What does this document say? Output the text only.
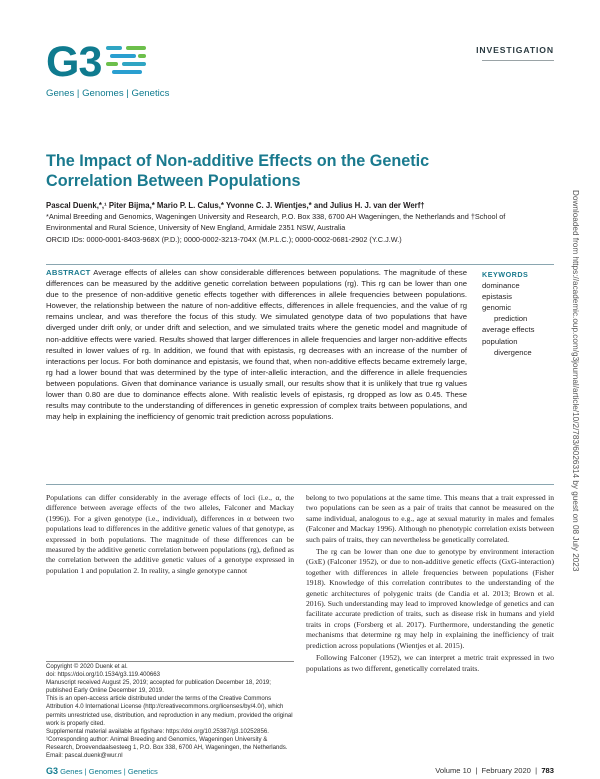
G3
Genes | Genomes | Genetics
INVESTIGATION
The Impact of Non-additive Effects on the Genetic Correlation Between Populations
Pascal Duenk,*,¹ Piter Bijma,* Mario P. L. Calus,* Yvonne C. J. Wientjes,* and Julius H. J. van der Werf†
*Animal Breeding and Genomics, Wageningen University and Research, P.O. Box 338, 6700 AH Wageningen, the Netherlands and †School of Environmental and Rural Science, University of New England, Armidale 2351 NSW, Australia
ORCID IDs: 0000-0001-8403-968X (P.D.); 0000-0002-3213-704X (M.P.L.C.); 0000-0002-0681-2902 (Y.C.J.W.)
ABSTRACT Average effects of alleles can show considerable differences between populations. The magnitude of these differences can be measured by the additive genetic correlation between populations (rg). This rg can be lower than one due to the presence of non-additive genetic effects together with differences in allele frequencies between populations. However, the relationship between the nature of non-additive effects, differences in allele frequencies, and the value of rg remains unclear, and was therefore the focus of this study. We simulated genotype data of two populations that have diverged under drift only, or under drift and selection, and we simulated traits where the genetic model and magnitude of non-additive effects were varied. Results showed that larger differences in allele frequencies and larger non-additive effects resulted in lower values of rg. In addition, we found that with epistasis, rg decreases with an increase of the number of interactions per locus. For both dominance and epistasis, we found that, when non-additive effects became extremely large, rg had a lower bound that was determined by the type of inter-allelic interaction, and the difference in allele frequencies between populations. Given that dominance variance is usually small, our results show that it is unlikely that true rg values lower than 0.80 are due to dominance effects alone. With realistic levels of epistasis, rg dropped as low as 0.45. These results may contribute to the understanding of differences in genetic expression of complex traits between populations, and may help in explaining the inefficiency of genomic trait prediction across populations.
KEYWORDS
dominance
epistasis
genomic
prediction
average effects
population
divergence

Populations can differ considerably in the average effects of loci (i.e., α, the difference between average effects of the two alleles, Falconer and Mackay (1996)). For a given genotype (i.e., individual), differences in α between two populations lead to differences in the additive genetic values of that genotype, as expressed in both populations. The magnitude of these differences can be measured by the additive genetic correlation between populations (rg), defined as the correlation between the additive genetic values of a genotype expressed in population 1 and population 2. In reality, a single genotype cannot

belong to two populations at the same time. This means that a trait expressed in two populations can be seen as a pair of traits that cannot be measured on the same individual, analogous to e.g., age at sexual maturity in males and females (Falconer and Mackay 1996). Although no phenotypic correlation exists between such pairs of traits, they can nevertheless be genetically correlated.

The rg can be lower than one due to genotype by environment interaction (GxE) (Falconer 1952), or due to non-additive genetic effects (GxG-interaction) together with differences in allele frequencies between populations (Fisher 1918). Knowledge of this correlation contributes to the understanding of the genetic architectures of polygenic traits (de Candia et al. 2013; Brown et al. 2016). Such understanding may lead to improved knowledge of genetics and can facilitate accurate prediction of traits, such as disease risk in humans and yield traits in crops (Forsberg et al. 2017). Furthermore, understanding the genetic mechanisms that determine rg may help in explaining the inefficiency of trait prediction across populations (Wientjes et al. 2015).

Following Falconer (1952), we can interpret a metric trait expressed in two populations as two different, genetically correlated traits.

Copyright © 2020 Duenk et al.
doi: https://doi.org/10.1534/g3.119.400663
Manuscript received August 25, 2019; accepted for publication December 18, 2019; published Early Online December 19, 2019.
This is an open-access article distributed under the terms of the Creative Commons Attribution 4.0 International License (http://creativecommons.org/licenses/by/4.0/), which permits unrestricted use, distribution, and reproduction in any medium, provided the original work is properly cited.
Supplemental material available at figshare: https://doi.org/10.25387/g3.10252856.
¹Corresponding author: Animal Breeding and Genomics, Wageningen University & Research, Droevendaalsesteeg 1, P.O. Box 338, 6700 AH, Wageningen, the Netherlands. Email: pascal.duenk@wur.nl
Downloaded from https://academic.oup.com/g3journal/article/10/2/783/6026314 by guest on 08 July 2023
G3 Genes | Genomes | Genetics	Volume 10  |  February 2020  |  783
